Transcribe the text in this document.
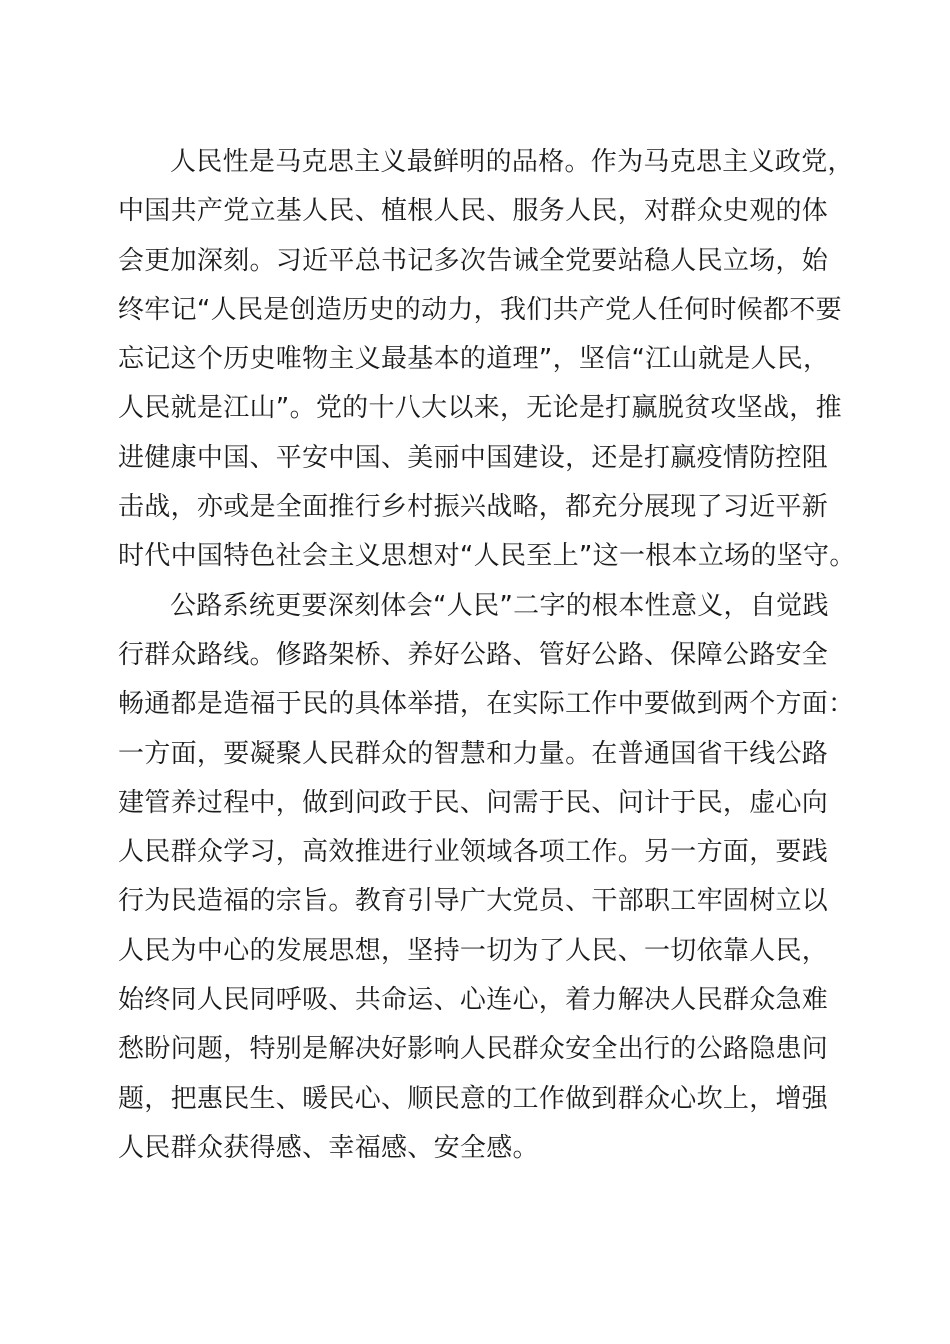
人民性是马克思主义最鲜明的品格。作为马克思主义政党，
中国共产党立基人民、植根人民、服务人民，对群众史观的体
会更加深刻。习近平总书记多次告诫全党要站稳人民立场，始
终牢记“人民是创造历史的动力，我们共产党人任何时候都不要
忘记这个历史唯物主义最基本的道理”，坚信“江山就是人民，
人民就是江山”。党的十八大以来，无论是打赢脱贫攻坚战，推
进健康中国、平安中国、美丽中国建设，还是打赢疫情防控阻
击战，亦或是全面推行乡村振兴战略，都充分展现了习近平新
时代中国特色社会主义思想对“人民至上”这一根本立场的坚守。
公路系统更要深刻体会“人民”二字的根本性意义，自觉践
行群众路线。修路架桥、养好公路、管好公路、保障公路安全
畅通都是造福于民的具体举措，在实际工作中要做到两个方面：
一方面，要凝聚人民群众的智慧和力量。在普通国省干线公路
建管养过程中，做到问政于民、问需于民、问计于民，虚心向
人民群众学习，高效推进行业领域各项工作。另一方面，要践
行为民造福的宗旨。教育引导广大党员、干部职工牢固树立以
人民为中心的发展思想，坚持一切为了人民、一切依靠人民，
始终同人民同呼吸、共命运、心连心，着力解决人民群众急难
愁盼问题，特别是解决好影响人民群众安全出行的公路隐患问
题，把惠民生、暖民心、顺民意的工作做到群众心坎上，增强
人民群众获得感、幸福感、安全感。
